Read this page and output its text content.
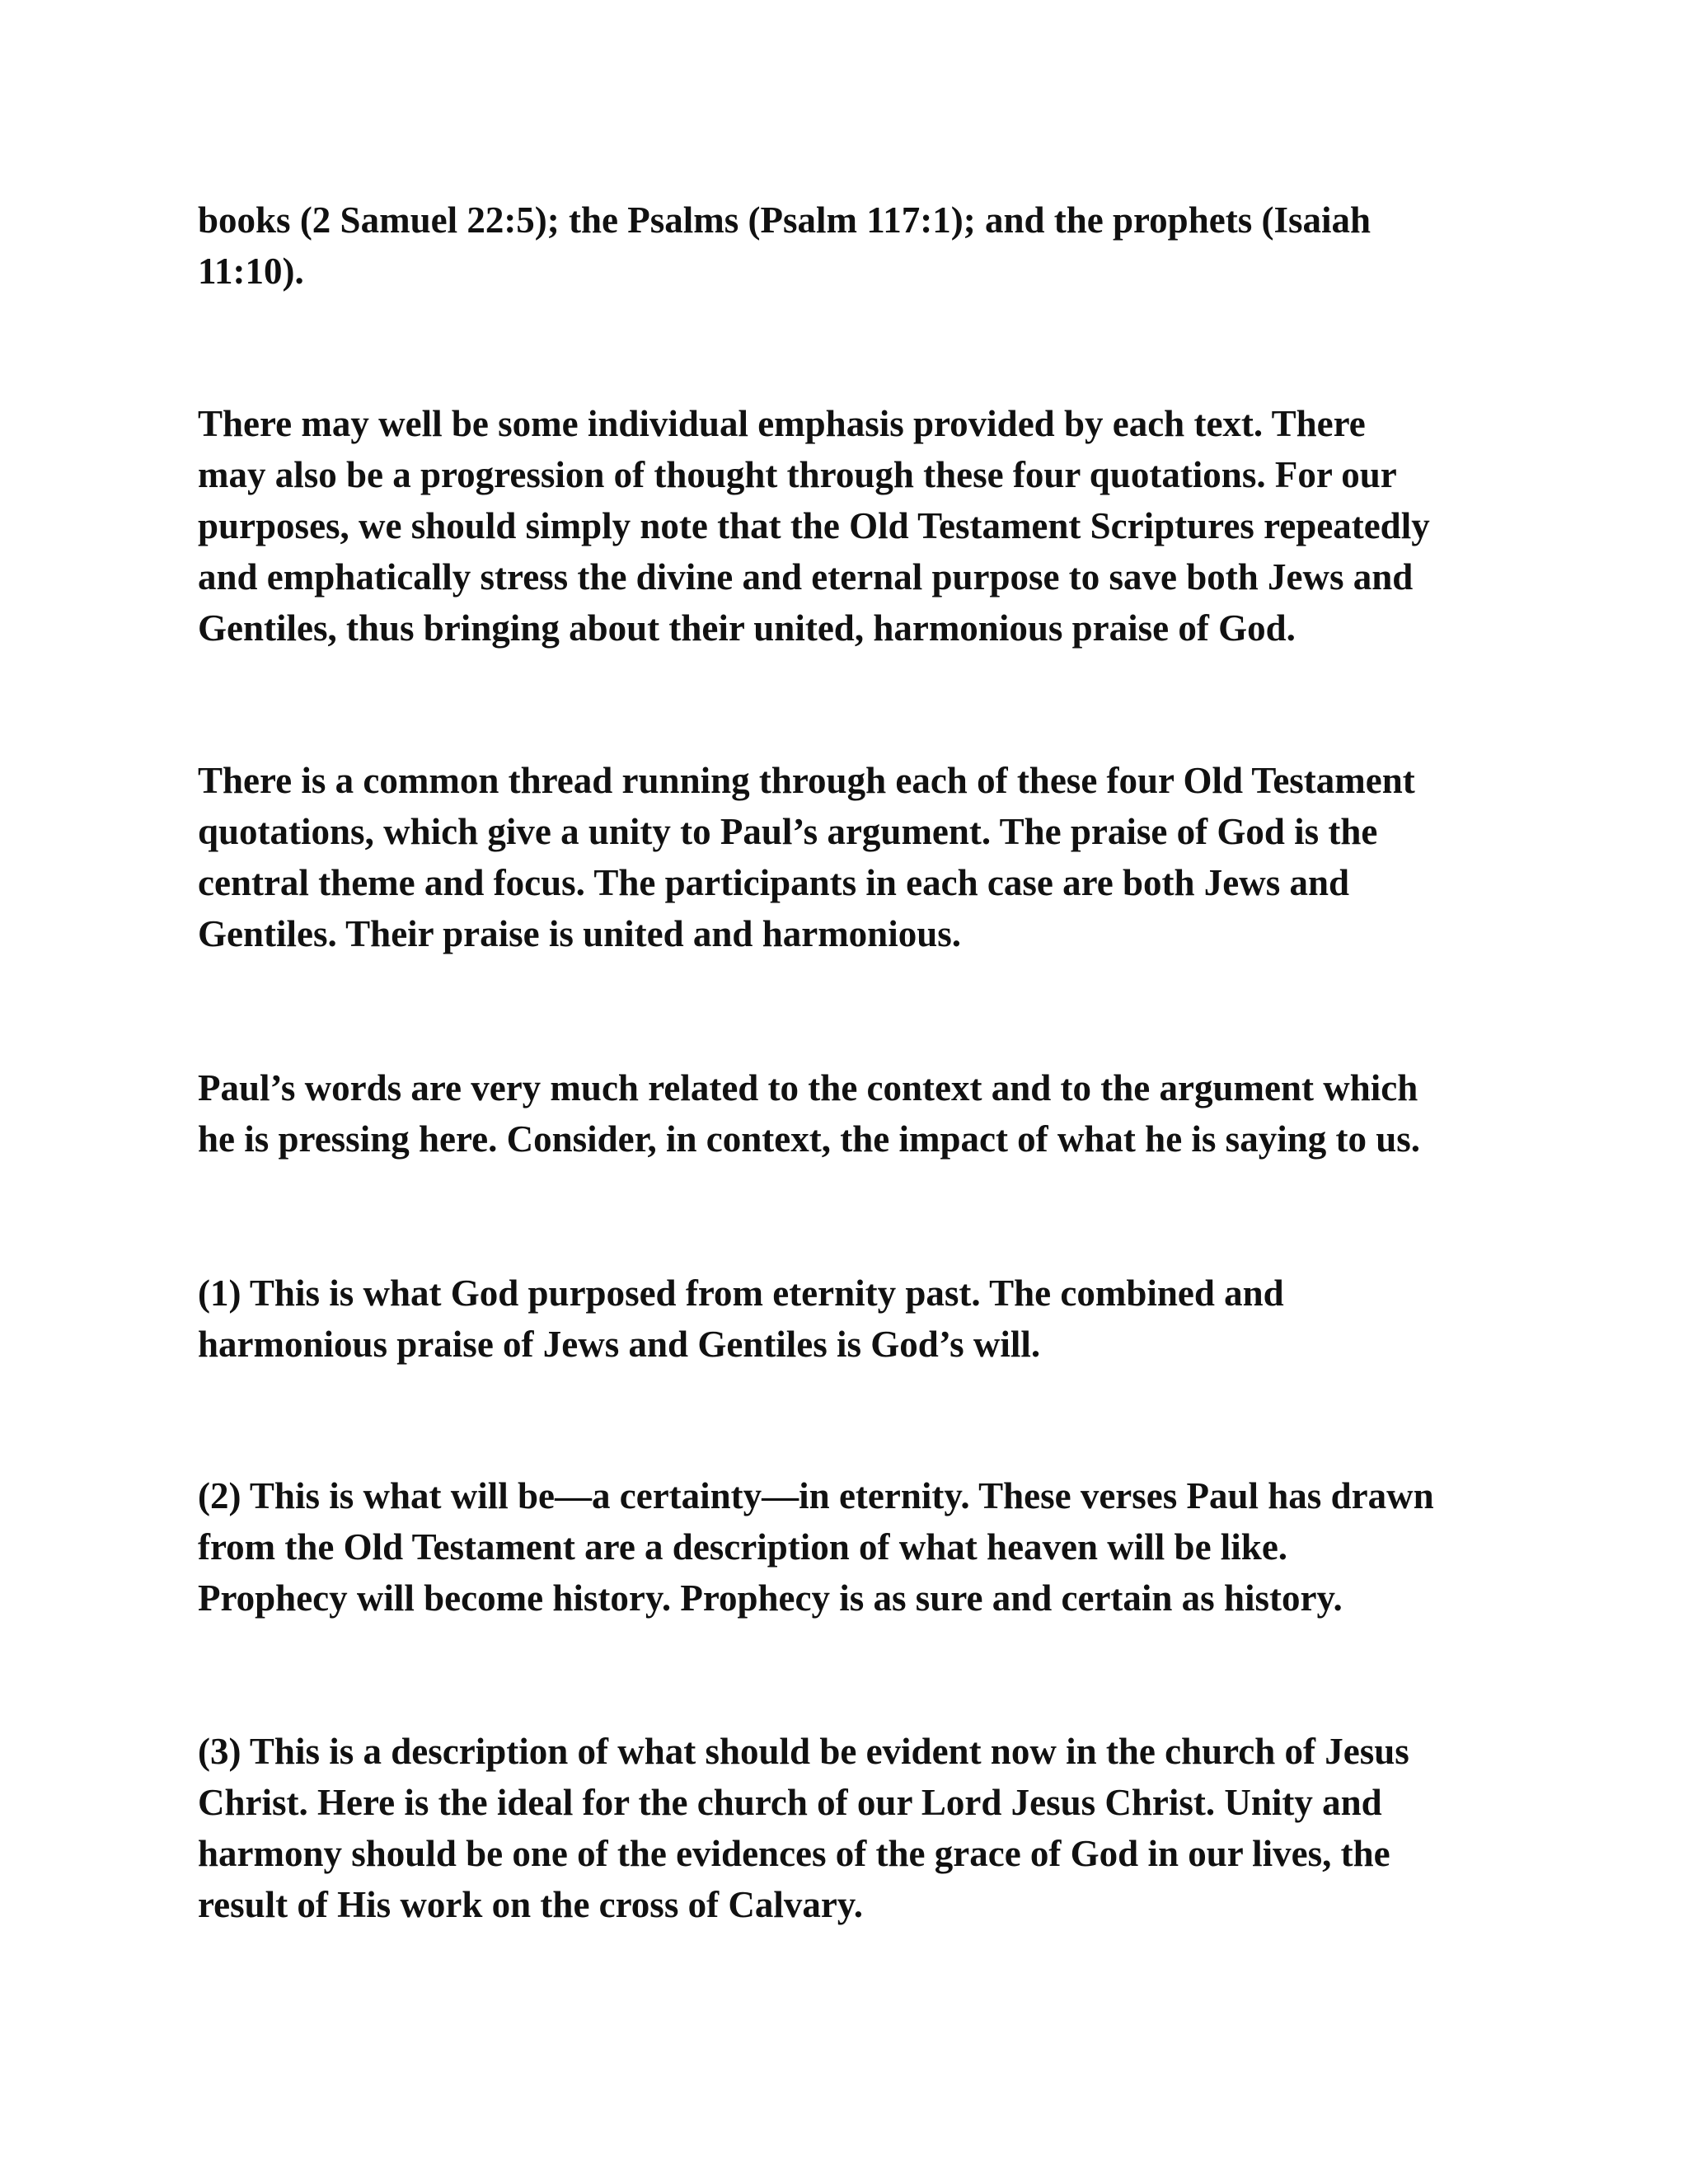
books (2 Samuel 22:5); the Psalms (Psalm 117:1); and the prophets (Isaiah
11:10).
There may well be some individual emphasis provided by each text. There
may also be a progression of thought through these four quotations. For our
purposes, we should simply note that the Old Testament Scriptures repeatedly
and emphatically stress the divine and eternal purpose to save both Jews and
Gentiles, thus bringing about their united, harmonious praise of God.
There is a common thread running through each of these four Old Testament
quotations, which give a unity to Paul’s argument. The praise of God is the
central theme and focus. The participants in each case are both Jews and
Gentiles. Their praise is united and harmonious.
Paul’s words are very much related to the context and to the argument which
he is pressing here. Consider, in context, the impact of what he is saying to us.
(1) This is what God purposed from eternity past. The combined and
harmonious praise of Jews and Gentiles is God’s will.
(2) This is what will be—a certainty—in eternity. These verses Paul has drawn
from the Old Testament are a description of what heaven will be like.
Prophecy will become history. Prophecy is as sure and certain as history.
(3) This is a description of what should be evident now in the church of Jesus
Christ. Here is the ideal for the church of our Lord Jesus Christ. Unity and
harmony should be one of the evidences of the grace of God in our lives, the
result of His work on the cross of Calvary.
